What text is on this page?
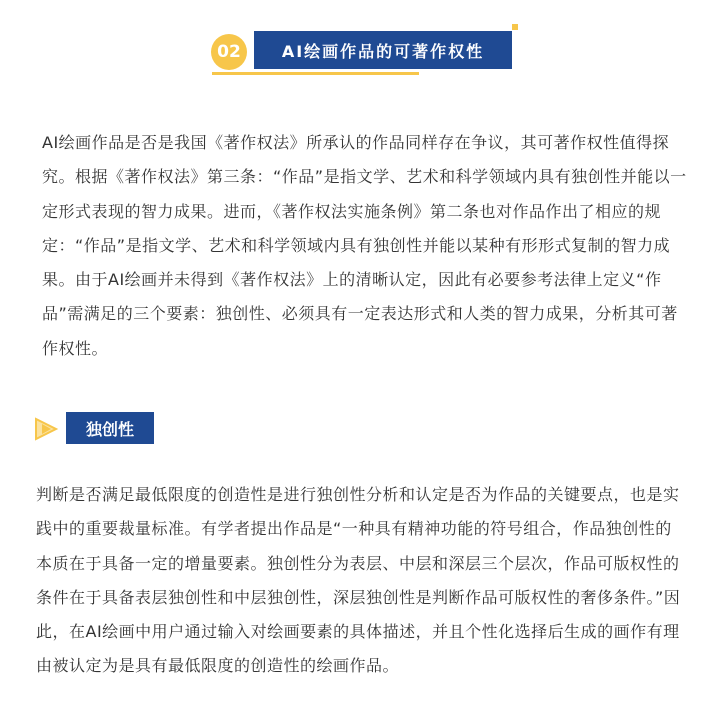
02	AI绘画作品的可著作权性

AI绘画作品是否是我国《著作权法》所承认的作品同样存在争议，其可著作权性值得探究。根据《著作权法》第三条：“作品”是指文学、艺术和科学领域内具有独创性并能以一定形式表现的智力成果。进而，《著作权法实施条例》第二条也对作品作出了相应的规定：“作品”是指文学、艺术和科学领域内具有独创性并能以某种有形形式复制的智力成果。由于AI绘画并未得到《著作权法》上的清晰认定，因此有必要参考法律上定义“作品”需满足的三个要素：独创性、必须具有一定表达形式和人类的智力成果，分析其可著作权性。

独创性

判断是否满足最低限度的创造性是进行独创性分析和认定是否为作品的关键要点，也是实践中的重要裁量标准。有学者提出作品是“一种具有精神功能的符号组合，作品独创性的本质在于具备一定的增量要素。独创性分为表层、中层和深层三个层次，作品可版权性的条件在于具备表层独创性和中层独创性，深层独创性是判断作品可版权性的奢侈条件。”因此，在AI绘画中用户通过输入对绘画要素的具体描述，并且个性化选择后生成的画作有理由被认定为是具有最低限度的创造性的绘画作品。
